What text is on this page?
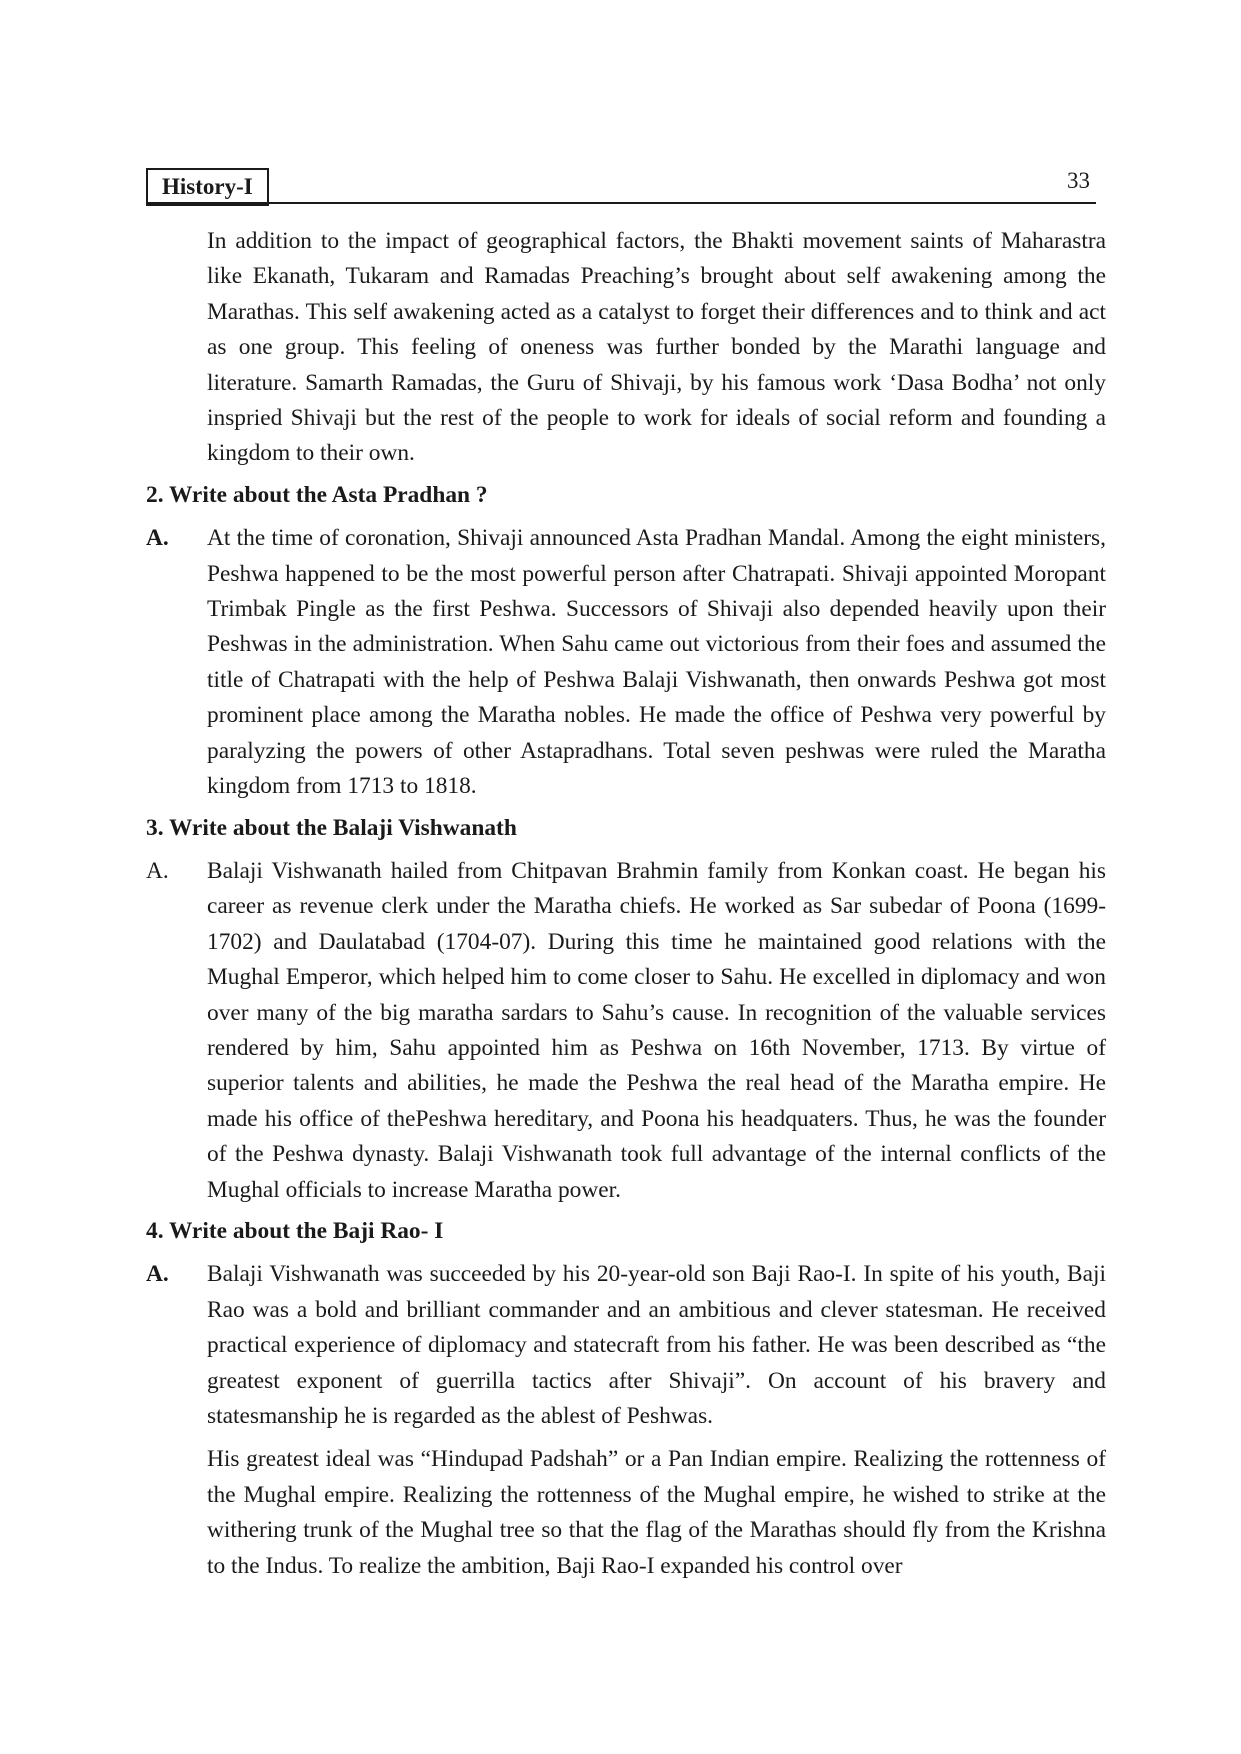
History-I	33

In addition to the impact of geographical factors, the Bhakti movement saints of Maharastra like Ekanath, Tukaram and Ramadas Preaching’s brought about self awakening among the Marathas. This self awakening acted as a catalyst to forget their differences and to think and act as one group. This feeling of oneness was further bonded by the Marathi language and literature. Samarth Ramadas, the Guru of Shivaji, by his famous work ‘Dasa Bodha’ not only inspried Shivaji but the rest of the people to work for ideals of social reform and founding a kingdom to their own.

2. Write about the Asta Pradhan ?
A. At the time of coronation, Shivaji announced Asta Pradhan Mandal. Among the eight ministers, Peshwa happened to be the most powerful person after Chatrapati. Shivaji appointed Moropant Trimbak Pingle as the first Peshwa. Successors of Shivaji also depended heavily upon their Peshwas in the administration. When Sahu came out victorious from their foes and assumed the title of Chatrapati with the help of Peshwa Balaji Vishwanath, then onwards Peshwa got most prominent place among the Maratha nobles. He made the office of Peshwa very powerful by paralyzing the powers of other Astapradhans. Total seven peshwas were ruled the Maratha kingdom from 1713 to 1818.

3. Write about the Balaji Vishwanath
A. Balaji Vishwanath hailed from Chitpavan Brahmin family from Konkan coast. He began his career as revenue clerk under the Maratha chiefs. He worked as Sar subedar of Poona (1699-1702) and Daulatabad (1704-07). During this time he maintained good relations with the Mughal Emperor, which helped him to come closer to Sahu. He excelled in diplomacy and won over many of the big maratha sardars to Sahu’s cause. In recognition of the valuable services rendered by him, Sahu appointed him as Peshwa on 16th November, 1713. By virtue of superior talents and abilities, he made the Peshwa the real head of the Maratha empire. He made his office of thePeshwa hereditary, and Poona his headquaters. Thus, he was the founder of the Peshwa dynasty. Balaji Vishwanath took full advantage of the internal conflicts of the Mughal officials to increase Maratha power.

4. Write about the Baji Rao- I
A. Balaji Vishwanath was succeeded by his 20-year-old son Baji Rao-I. In spite of his youth, Baji Rao was a bold and brilliant commander and an ambitious and clever statesman. He received practical experience of diplomacy and statecraft from his father. He was been described as “the greatest exponent of guerrilla tactics after Shivaji”. On account of his bravery and statesmanship he is regarded as the ablest of Peshwas.

His greatest ideal was “Hindupad Padshah” or a Pan Indian empire. Realizing the rottenness of the Mughal empire. Realizing the rottenness of the Mughal empire, he wished to strike at the withering trunk of the Mughal tree so that the flag of the Marathas should fly from the Krishna to the Indus. To realize the ambition, Baji Rao-I expanded his control over
